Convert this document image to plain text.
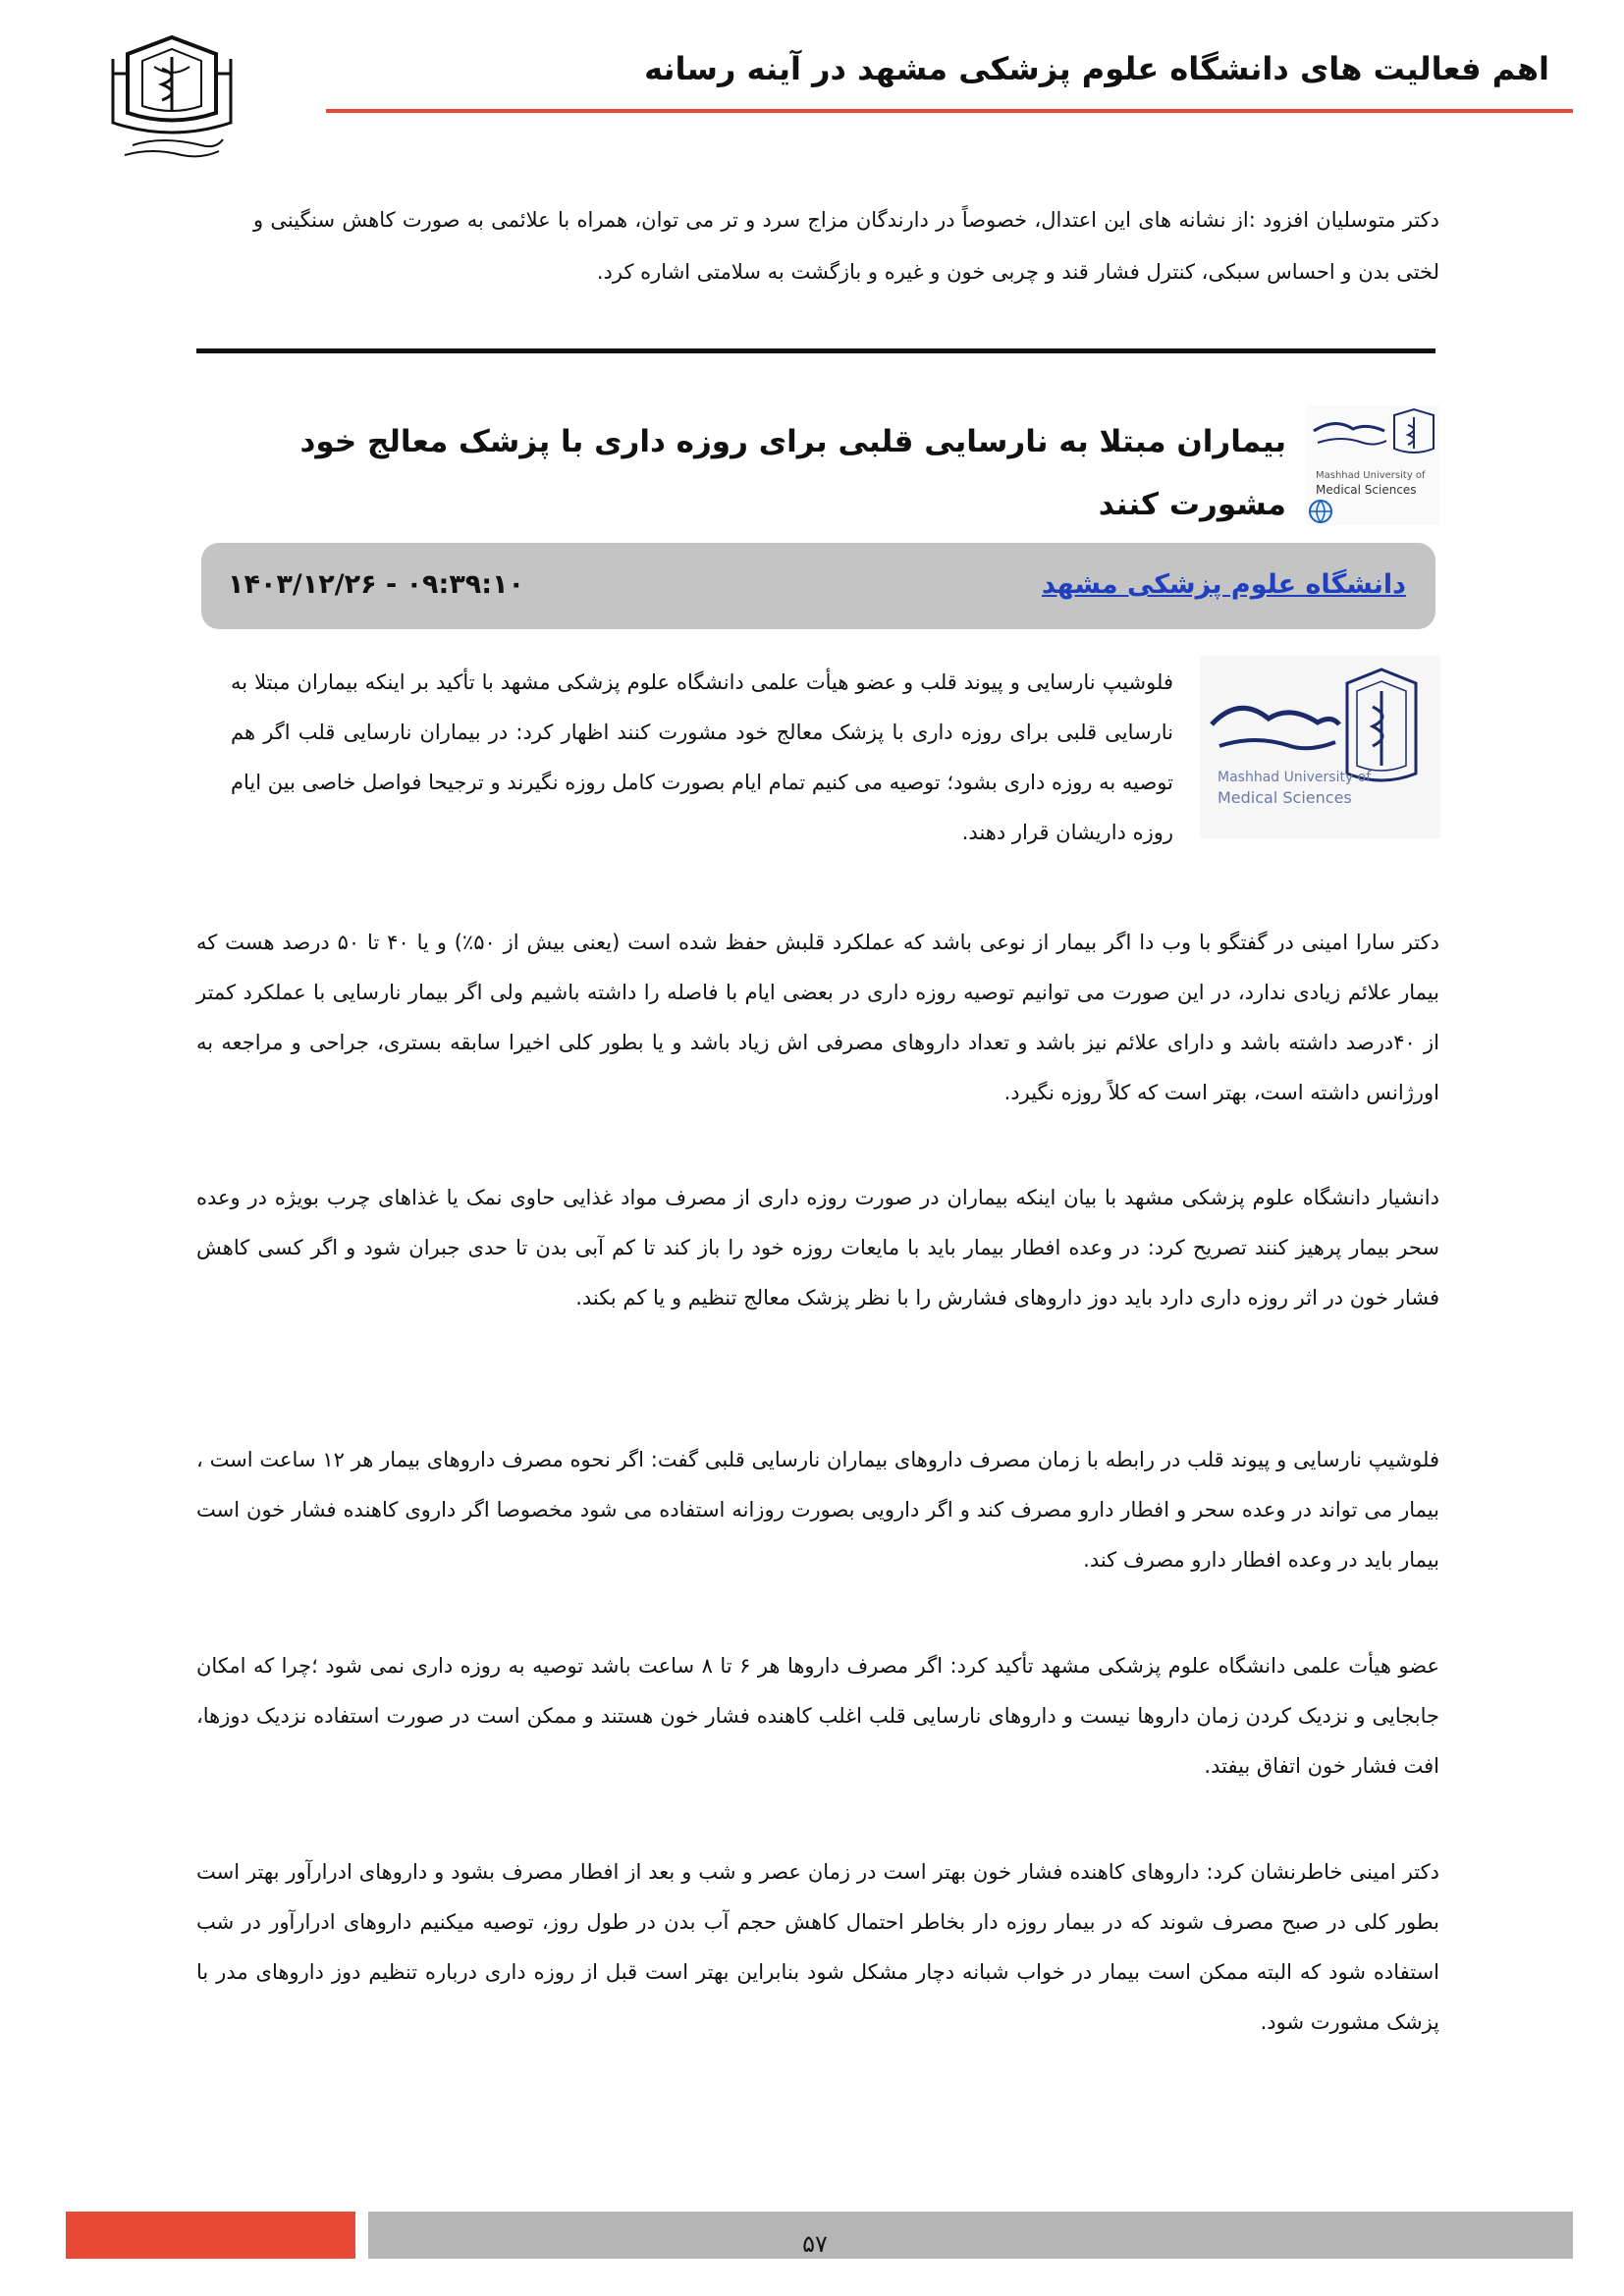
اهم فعالیت های دانشگاه علوم پزشکی مشهد در آینه رسانه
دکتر متوسلیان افزود :از نشانه های این اعتدال، خصوصاً در دارندگان مزاج سرد و تر می توان، همراه با علائمی به صورت کاهش سنگینی و لختی بدن و احساس سبکی، کنترل فشار قند و چربی خون و غیره و بازگشت به سلامتی اشاره کرد.
Mashhad University of
Medical Sciences
بیماران مبتلا به نارسایی قلبی برای روزه داری با پزشک معالج خود مشورت کنند
دانشگاه علوم پزشکی مشهد
۱۴۰۳/۱۲/۲۶ - ۰۹:۳۹:۱۰
Mashhad University of
Medical Sciences
فلوشیپ نارسایی و پیوند قلب و عضو هیأت علمی دانشگاه علوم پزشکی مشهد با تأکید بر اینکه بیماران مبتلا به نارسایی قلبی برای روزه داری با پزشک معالج خود مشورت کنند اظهار کرد: در بیماران نارسایی قلب اگر هم توصیه به روزه داری بشود؛ توصیه می کنیم تمام ایام بصورت کامل روزه نگیرند و ترجیحا فواصل خاصی بین ایام روزه داریشان قرار دهند.
دکتر سارا امینی در گفتگو با وب دا اگر بیمار از نوعی باشد که عملکرد قلبش حفظ شده است (یعنی بیش از ۵۰٪) و یا ۴۰ تا ۵۰ درصد هست که بیمار علائم زیادی ندارد، در این صورت می توانیم توصیه روزه داری در بعضی ایام با فاصله را داشته باشیم ولی اگر بیمار نارسایی با عملکرد کمتر از ۴۰درصد داشته باشد و دارای علائم نیز باشد و تعداد داروهای مصرفی اش زیاد باشد و یا بطور کلی اخیرا سابقه بستری، جراحی و مراجعه به اورژانس داشته است، بهتر است که کلاً روزه نگیرد.
دانشیار دانشگاه علوم پزشکی مشهد با بیان اینکه بیماران در صورت روزه داری از مصرف مواد غذایی حاوی نمک یا غذاهای چرب بویژه در وعده سحر بیمار پرهیز کنند تصریح کرد: در وعده افطار بیمار باید با مایعات روزه خود را باز کند تا کم آبی بدن تا حدی جبران شود و اگر کسی کاهش فشار خون در اثر روزه داری دارد باید دوز داروهای فشارش را با نظر پزشک معالج تنظیم و یا کم بکند.
فلوشیپ نارسایی و پیوند قلب در رابطه با زمان مصرف داروهای بیماران نارسایی قلبی گفت: اگر نحوه مصرف داروهای بیمار هر ۱۲ ساعت است ، بیمار می تواند در وعده سحر و افطار دارو مصرف کند و اگر دارویی بصورت روزانه استفاده می شود مخصوصا اگر داروی کاهنده فشار خون است بیمار باید در وعده افطار دارو مصرف کند.
عضو هیأت علمی دانشگاه علوم پزشکی مشهد تأکید کرد: اگر مصرف داروها هر ۶ تا ۸ ساعت باشد توصیه به روزه داری نمی شود ؛چرا که امکان جابجایی و نزدیک کردن زمان داروها نیست و داروهای نارسایی قلب اغلب کاهنده فشار خون هستند و ممکن است در صورت استفاده نزدیک دوزها، افت فشار خون اتفاق بیفتد.
دکتر امینی خاطرنشان کرد: داروهای کاهنده فشار خون بهتر است در زمان عصر و شب و بعد از افطار مصرف بشود و داروهای ادرارآور بهتر است بطور کلی در صبح مصرف شوند که در بیمار روزه دار بخاطر احتمال کاهش حجم آب بدن در طول روز، توصیه میکنیم داروهای ادرارآور در شب استفاده شود که البته ممکن است بیمار در خواب شبانه دچار مشکل شود بنابراین بهتر است قبل از روزه داری درباره تنظیم دوز داروهای مدر با پزشک مشورت شود.
۵۷
